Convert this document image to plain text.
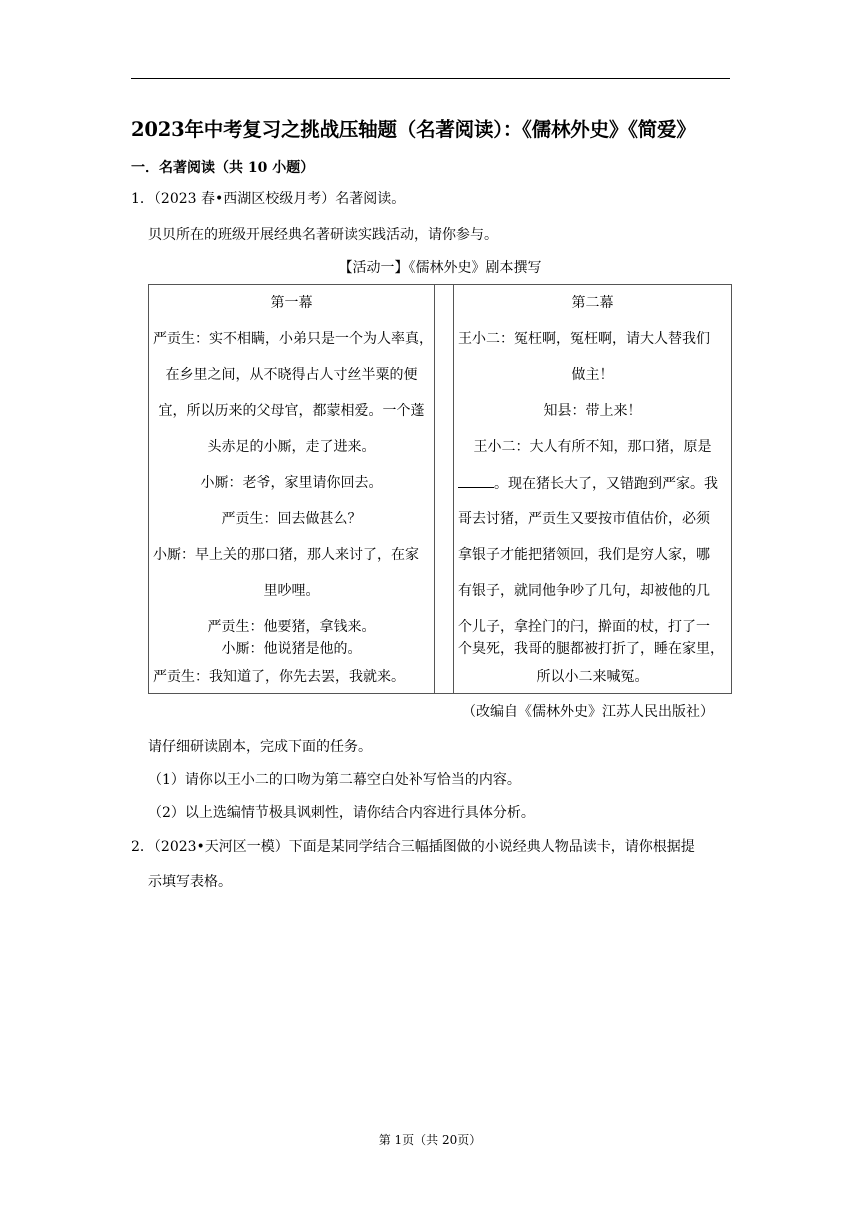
2023年中考复习之挑战压轴题（名著阅读）：《儒林外史》《简爱》
一．名著阅读（共 10 小题）
1．（2023 春•西湖区校级月考）名著阅读。
贝贝所在的班级开展经典名著研读实践活动，请你参与。
【活动一】《儒林外史》剧本撰写
第一幕
严贡生：实不相瞒，小弟只是一个为人率真，
在乡里之间，从不晓得占人寸丝半粟的便
宜，所以历来的父母官，都蒙相爱。一个蓬
头赤足的小厮，走了进来。
小厮：老爷，家里请你回去。
严贡生：回去做甚么？
小厮：早上关的那口猪，那人来讨了，在家
里吵哩。
严贡生：他要猪，拿钱来。
小厮：他说猪是他的。
严贡生：我知道了，你先去罢，我就来。
第二幕
王小二：冤枉啊，冤枉啊，请大人替我们
做主！
知县：带上来！
王小二：大人有所不知，那口猪，原是
。现在猪长大了，又错跑到严家。我
哥去讨猪，严贡生又要按市值估价，必须
拿银子才能把猪领回，我们是穷人家，哪
有银子，就同他争吵了几句，却被他的几
个儿子，拿拴门的闩，擀面的杖，打了一
个臭死，我哥的腿都被打折了，睡在家里，
所以小二来喊冤。
（改编自《儒林外史》江苏人民出版社）
请仔细研读剧本，完成下面的任务。
（1）请你以王小二的口吻为第二幕空白处补写恰当的内容。
（2）以上选编情节极具讽刺性，请你结合内容进行具体分析。
2．（2023•天河区一模）下面是某同学结合三幅插图做的小说经典人物品读卡，请你根据提
示填写表格。
第 1页（共 20页）
